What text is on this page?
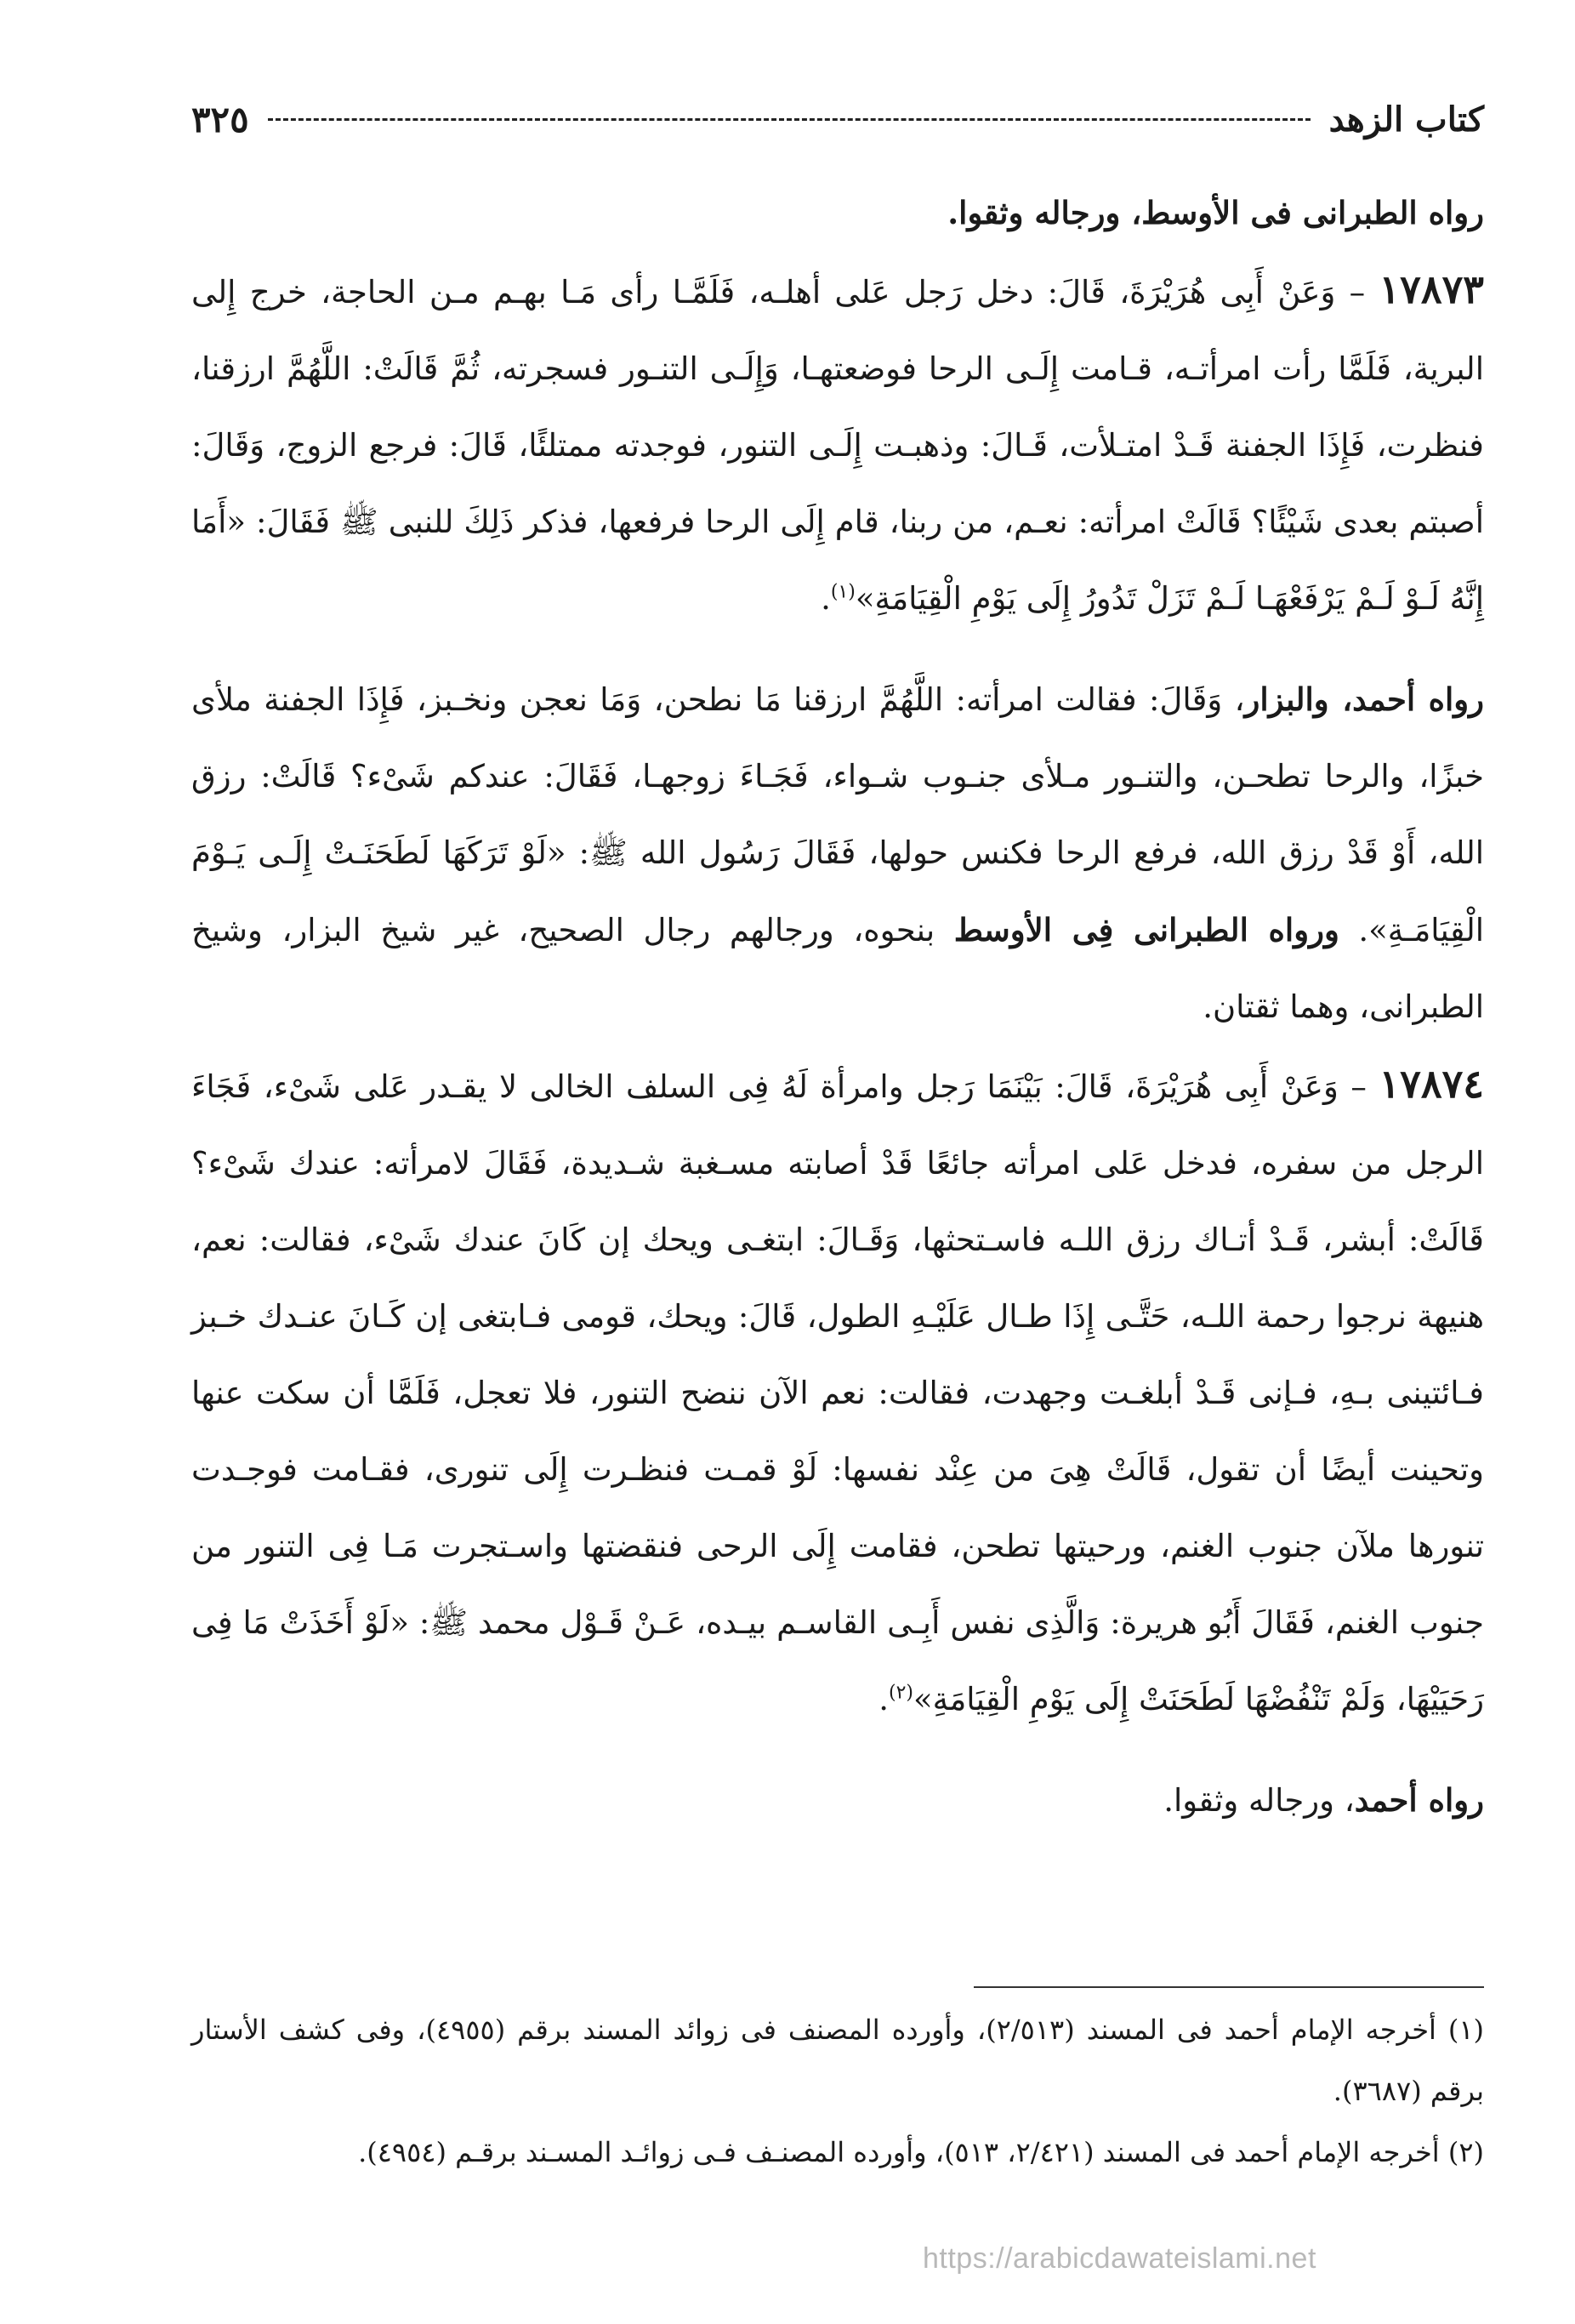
كتاب الزهد
٣٢٥

رواه الطبرانى فى الأوسط، ورجاله وثقوا.

١٧٨٧٣ – وَعَنْ أَبِى هُرَيْرَةَ، قَالَ: دخل رَجل عَلى أهلـه، فَلَمَّـا رأى مَـا بهـم مـن الحاجة، خرج إِلى البرية، فَلَمَّا رأت امرأتـه، قـامت إِلَـى الرحا فوضعتهـا، وَإِلَـى التنـور فسجرته، ثُمَّ قَالَتْ: اللَّهُمَّ ارزقنا، فنظرت، فَإِذَا الجفنة قَـدْ امتـلأت، قَـالَ: وذهبـت إِلَـى التنور، فوجدته ممتلئًا، قَالَ: فرجع الزوج، وَقَالَ: أصبتم بعدى شَيْئًا؟ قَالَتْ امرأته: نعـم، من ربنا، قام إِلَى الرحا فرفعها، فذكر ذَلِكَ للنبى ﷺ فَقَالَ: «أَمَا إِنَّهُ لَـوْ لَـمْ يَرْفَعْهَـا لَـمْ تَزَلْ تَدُورُ إِلَى يَوْمِ الْقِيَامَةِ»$^{(١)}$.

رواه أحمد، والبزار، وَقَالَ: فقالت امرأته: اللَّهُمَّ ارزقنا مَا نطحن، وَمَا نعجن ونخـبز، فَإِذَا الجفنة ملأى خبزًا، والرحا تطحـن، والتنـور مـلأى جنـوب شـواء، فَجَـاءَ زوجهـا، فَقَالَ: عندكم شَىْء؟ قَالَتْ: رزق الله، أَوْ قَدْ رزق الله، فرفع الرحا فكنس حولها، فَقَالَ رَسُول الله ﷺ: «لَوْ تَرَكَهَا لَطَحَنَـتْ إِلَـى يَـوْمَ الْقِيَامَـةِ». ورواه الطبرانى فِى الأوسط بنحوه، ورجالهم رجال الصحيح، غير شيخ البزار، وشيخ الطبرانى، وهما ثقتان.

١٧٨٧٤ – وَعَنْ أَبِى هُرَيْرَةَ، قَالَ: بَيْنَمَا رَجل وامرأة لَهُ فِى السلف الخالى لا يقـدر عَلى شَىْء، فَجَاءَ الرجل من سفره، فدخل عَلى امرأته جائعًا قَدْ أصابته مسـغبة شـديدة، فَقَالَ لامرأته: عندك شَىْء؟ قَالَتْ: أبشر، قَـدْ أتـاك رزق اللـه فاسـتحثها، وَقَـالَ: ابتغـى ويحك إن كَانَ عندك شَىْء، فقالت: نعم، هنيهة نرجوا رحمة اللـه، حَتَّـى إِذَا طـال عَلَيْـهِ الطول، قَالَ: ويحك، قومى فـابتغى إن كَـانَ عنـدك خـبز فـائتينى بـهِ، فـإنى قَـدْ أبلغـت وجهدت، فقالت: نعم الآن ننضح التنور، فلا تعجل، فَلَمَّا أن سكت عنها وتحينت أيضًا أن تقول، قَالَتْ هِىَ من عِنْد نفسها: لَوْ قمـت فنظـرت إِلَى تنورى، فقـامت فوجـدت تنورها ملآن جنوب الغنم، ورحيتها تطحن، فقامت إِلَى الرحى فنقضتها واسـتجرت مَـا فِى التنور من جنوب الغنم، فَقَالَ أَبُو هريرة: وَالَّذِى نفس أَبِـى القاسـم بيـده، عَـنْ قَـوْل محمد ﷺ: «لَوْ أَخَذَتْ مَا فِى رَحَيَيْهَا، وَلَمْ تَنْفُضْهَا لَطَحَنَتْ إِلَى يَوْمِ الْقِيَامَةِ»$^{(٢)}$.

رواه أحمد، ورجاله وثقوا.

(١) أخرجه الإمام أحمد فى المسند (٢/٥١٣)، وأورده المصنف فى زوائد المسند برقم (٤٩٥٥)، وفى كشف الأستار برقم (٣٦٨٧).

(٢) أخرجه الإمام أحمد فى المسند (٢/٤٢١، ٥١٣)، وأورده المصنـف فـى زوائـد المسـند برقـم (٤٩٥٤).

https://arabicdawateislami.net
